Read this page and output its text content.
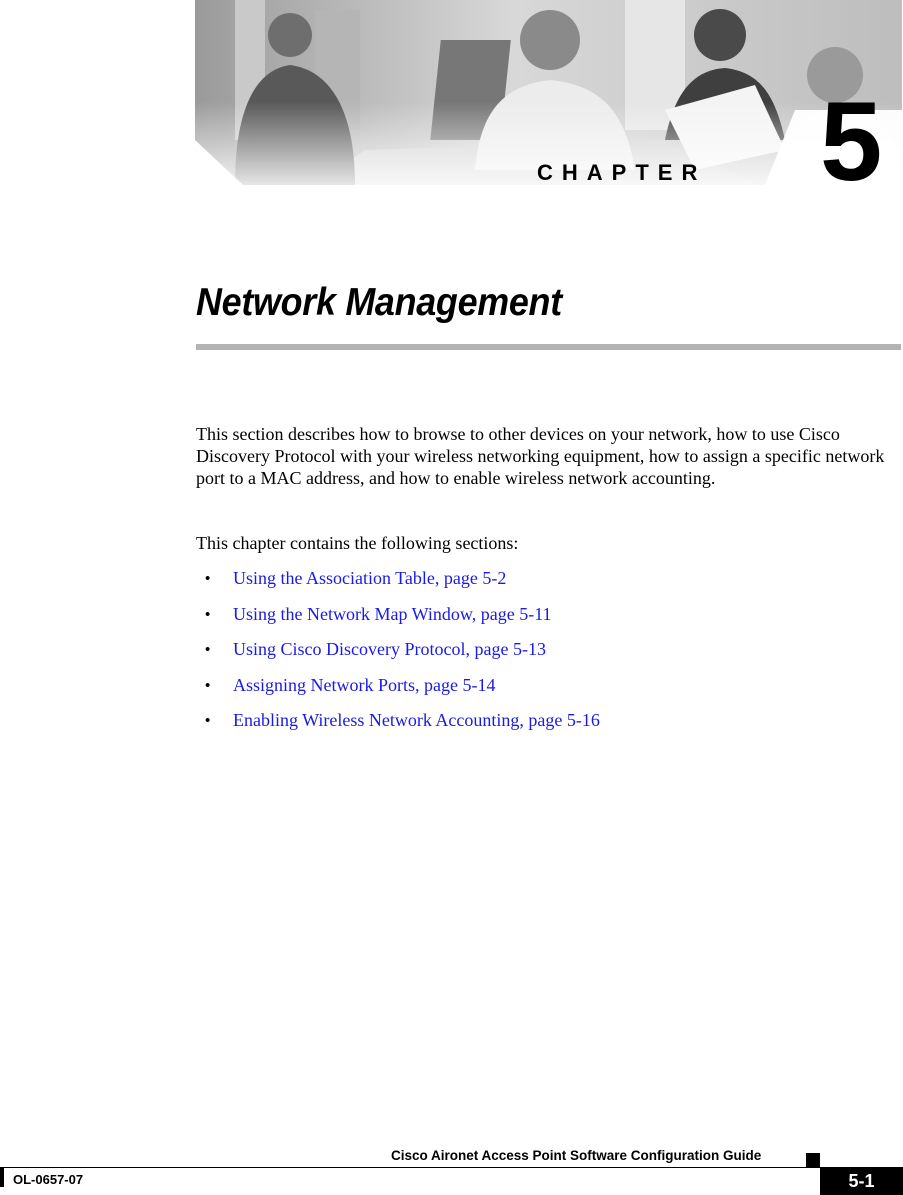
CHAPTER 5
Network Management

This section describes how to browse to other devices on your network, how to use Cisco Discovery Protocol with your wireless networking equipment, how to assign a specific network port to a MAC address, and how to enable wireless network accounting.

This chapter contains the following sections:

• Using the Association Table, page 5-2
• Using the Network Map Window, page 5-11
• Using Cisco Discovery Protocol, page 5-13
• Assigning Network Ports, page 5-14
• Enabling Wireless Network Accounting, page 5-16
Cisco Aironet Access Point Software Configuration Guide
OL-0657-07	5-1
